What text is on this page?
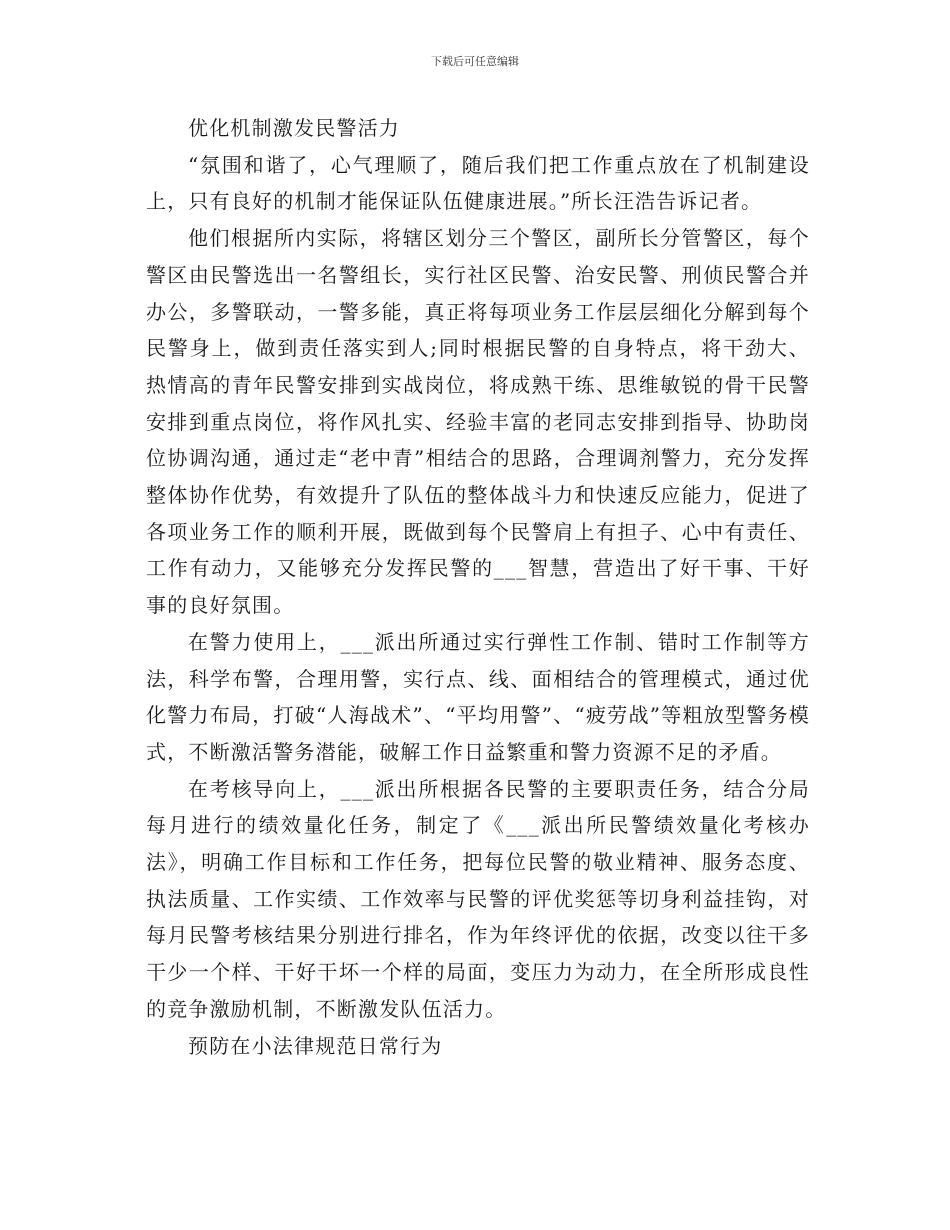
下载后可任意编辑

优化机制激发民警活力

“氛围和谐了，心气理顺了，随后我们把工作重点放在了机制建设上，只有良好的机制才能保证队伍健康进展。”所长汪浩告诉记者。

他们根据所内实际，将辖区划分三个警区，副所长分管警区，每个警区由民警选出一名警组长，实行社区民警、治安民警、刑侦民警合并办公，多警联动，一警多能，真正将每项业务工作层层细化分解到每个民警身上，做到责任落实到人;同时根据民警的自身特点，将干劲大、热情高的青年民警安排到实战岗位，将成熟干练、思维敏锐的骨干民警安排到重点岗位，将作风扎实、经验丰富的老同志安排到指导、协助岗位协调沟通，通过走“老中青”相结合的思路，合理调剂警力，充分发挥整体协作优势，有效提升了队伍的整体战斗力和快速反应能力，促进了各项业务工作的顺利开展，既做到每个民警肩上有担子、心中有责任、工作有动力，又能够充分发挥民警的___智慧，营造出了好干事、干好事的良好氛围。

在警力使用上，___派出所通过实行弹性工作制、错时工作制等方法，科学布警，合理用警，实行点、线、面相结合的管理模式，通过优化警力布局，打破“人海战术”、“平均用警”、“疲劳战”等粗放型警务模式，不断激活警务潜能，破解工作日益繁重和警力资源不足的矛盾。

在考核导向上，___派出所根据各民警的主要职责任务，结合分局每月进行的绩效量化任务，制定了《___派出所民警绩效量化考核办法》，明确工作目标和工作任务，把每位民警的敬业精神、服务态度、执法质量、工作实绩、工作效率与民警的评优奖惩等切身利益挂钩，对每月民警考核结果分别进行排名，作为年终评优的依据，改变以往干多干少一个样、干好干坏一个样的局面，变压力为动力，在全所形成良性的竞争激励机制，不断激发队伍活力。

预防在小法律规范日常行为
